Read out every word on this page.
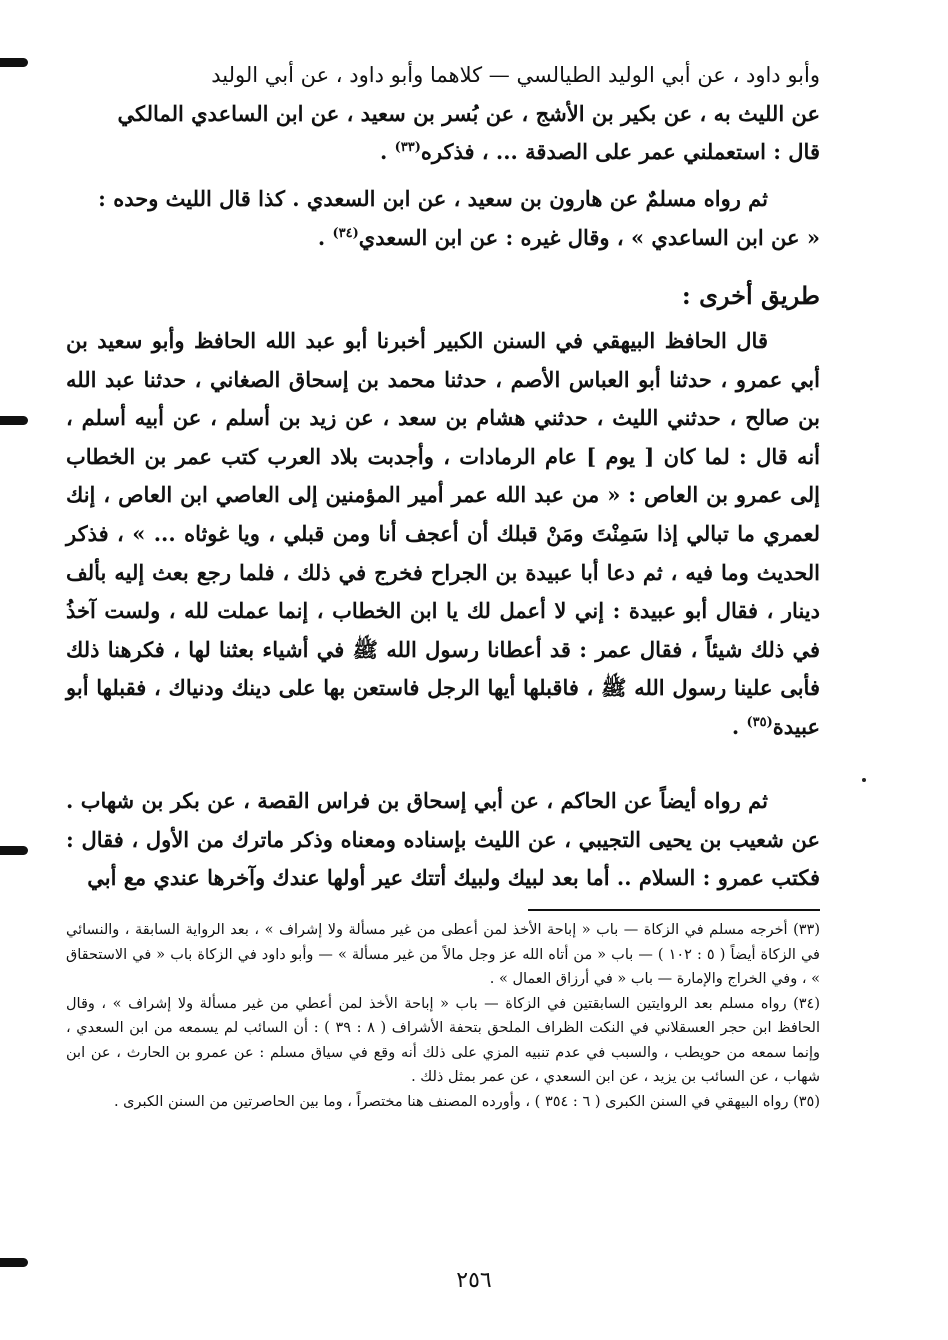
وأبو داود ، عن أبي الوليد الطيالسي — كلاهما وأبو داود ، عن أبي الوليد

عن الليث به ، عن بكير بن الأشج ، عن بُسر بن سعيد ، عن ابن الساعدي المالكي

قال : استعملني عمر على الصدقة ... ، فذكره$^{(٣٣)}$ .

ثم رواه مسلمٌ عن هارون بن سعيد ، عن ابن السعدي . كذا قال الليث وحده :

« عن ابن الساعدي » ، وقال غيره : عن ابن السعدي$^{(٣٤)}$ .

طريق أخرى :

قال الحافظ البيهقي في السنن الكبير أخبرنا أبو عبد الله الحافظ وأبو سعيد بن أبي عمرو ، حدثنا أبو العباس الأصم ، حدثنا محمد بن إسحاق الصغاني ، حدثنا عبد الله بن صالح ، حدثني الليث ، حدثني هشام بن سعد ، عن زيد بن أسلم ، عن أبيه أسلم ، أنه قال : لما كان [ يوم ] عام الرمادات ، وأجدبت بلاد العرب كتب عمر بن الخطاب إلى عمرو بن العاص : « من عبد الله عمر أمير المؤمنين إلى العاصي ابن العاص ، إنك لعمري ما تبالي إذا سَمِنْتَ ومَنْ قبلك أن أعجف أنا ومن قبلي ، ويا غوثاه ... » ، فذكر الحديث وما فيه ، ثم دعا أبا عبيدة بن الجراح فخرج في ذلك ، فلما رجع بعث إليه بألف دينار ، فقال أبو عبيدة : إني لا أعمل لك يا ابن الخطاب ، إنما عملت لله ، ولست آخذُ في ذلك شيئاً ، فقال عمر : قد أعطانا رسول الله ﷺ في أشياء بعثنا لها ، فكرهنا ذلك فأبى علينا رسول الله ﷺ ، فاقبلها أيها الرجل فاستعن بها على دينك ودنياك ، فقبلها أبو عبيدة$^{(٣٥)}$ .

ثم رواه أيضاً عن الحاكم ، عن أبي إسحاق بن فراس القصة ، عن بكر بن شهاب . عن شعيب بن يحيى التجيبي ، عن الليث بإسناده ومعناه وذكر ماترك من الأول ، فقال : فكتب عمرو : السلام .. أما بعد لبيك ولبيك أتتك عير أولها عندك وآخرها عندي مع أبي

(٣٣) أخرجه مسلم في الزكاة — باب « إباحة الأخذ لمن أعطى من غير مسألة ولا إشراف » ، بعد الرواية السابقة ، والنسائي في الزكاة أيضاً ( ٥ : ١٠٢ ) — باب « من أتاه الله عز وجل مالاً من غير مسألة » — وأبو داود في الزكاة باب « في الاستحقاق » ، وفي الخراج والإمارة — باب « في أرزاق العمال » .

(٣٤) رواه مسلم بعد الروايتين السابقتين في الزكاة — باب « إباحة الأخذ لمن أعطي من غير مسألة ولا إشراف » ، وقال الحافظ ابن حجر العسقلاني في النكت الظراف الملحق بتحفة الأشراف ( ٨ : ٣٩ ) : أن السائب لم يسمعه من ابن السعدي ، وإنما سمعه من حويطب ، والسبب في عدم تنبيه المزي على ذلك أنه وقع في سياق مسلم : عن عمرو بن الحارث ، عن ابن شهاب ، عن السائب بن يزيد ، عن ابن السعدي ، عن عمر بمثل ذلك .

(٣٥) رواه البيهقي في السنن الكبرى ( ٦ : ٣٥٤ ) ، وأورده المصنف هنا مختصراً ، وما بين الحاصرتين من السنن الكبرى .

٢٥٦
